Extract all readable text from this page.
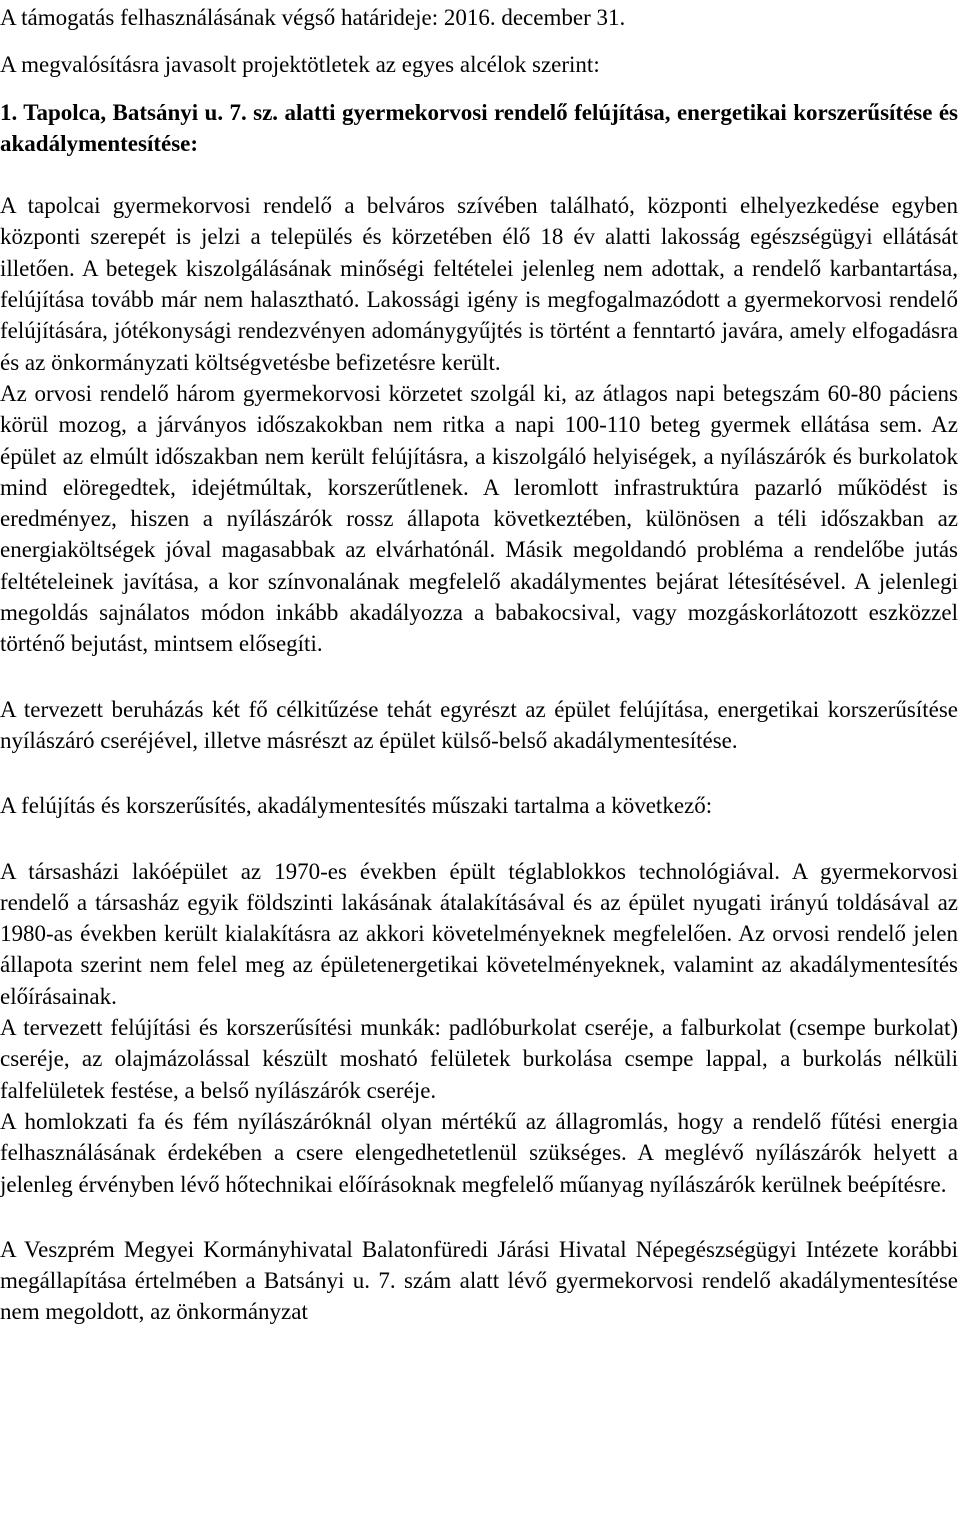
A támogatás felhasználásának végső határideje: 2016. december 31.

A megvalósításra javasolt projektötletek az egyes alcélok szerint:

1. Tapolca, Batsányi u. 7. sz. alatti gyermekorvosi rendelő felújítása, energetikai korszerűsítése és akadálymentesítése:

A tapolcai gyermekorvosi rendelő a belváros szívében található, központi elhelyezkedése egyben központi szerepét is jelzi a település és körzetében élő 18 év alatti lakosság egészségügyi ellátását illetően. A betegek kiszolgálásának minőségi feltételei jelenleg nem adottak, a rendelő karbantartása, felújítása tovább már nem halasztható. Lakossági igény is megfogalmazódott a gyermekorvosi rendelő felújítására, jótékonysági rendezvényen adománygyűjtés is történt a fenntartó javára, amely elfogadásra és az önkormányzati költségvetésbe befizetésre került.

Az orvosi rendelő három gyermekorvosi körzetet szolgál ki, az átlagos napi betegszám 60-80 páciens körül mozog, a járványos időszakokban nem ritka a napi 100-110 beteg gyermek ellátása sem. Az épület az elmúlt időszakban nem került felújításra, a kiszolgáló helyiségek, a nyílászárók és burkolatok mind elöregedtek, idejétmúltak, korszerűtlenek. A leromlott infrastruktúra pazarló működést is eredményez, hiszen a nyílászárók rossz állapota következtében, különösen a téli időszakban az energiaköltségek jóval magasabbak az elvárhatónál. Másik megoldandó probléma a rendelőbe jutás feltételeinek javítása, a kor színvonalának megfelelő akadálymentes bejárat létesítésével. A jelenlegi megoldás sajnálatos módon inkább akadályozza a babakocsival, vagy mozgáskorlátozott eszközzel történő bejutást, mintsem elősegíti.

A tervezett beruházás két fő célkitűzése tehát egyrészt az épület felújítása, energetikai korszerűsítése nyílászáró cseréjével, illetve másrészt az épület külső-belső akadálymentesítése.

A felújítás és korszerűsítés, akadálymentesítés műszaki tartalma a következő:

A társasházi lakóépület az 1970-es években épült téglablokkos technológiával. A gyermekorvosi rendelő a társasház egyik földszinti lakásának átalakításával és az épület nyugati irányú toldásával az 1980-as években került kialakításra az akkori követelményeknek megfelelően. Az orvosi rendelő jelen állapota szerint nem felel meg az épületenergetikai követelményeknek, valamint az akadálymentesítés előírásainak.

A tervezett felújítási és korszerűsítési munkák: padlóburkolat cseréje, a falburkolat (csempe burkolat) cseréje, az olajmázolással készült mosható felületek burkolása csempe lappal, a burkolás nélküli falfelületek festése, a belső nyílászárók cseréje.

A homlokzati fa és fém nyílászáróknál olyan mértékű az állagromlás, hogy a rendelő fűtési energia felhasználásának érdekében a csere elengedhetetlenül szükséges. A meglévő nyílászárók helyett a jelenleg érvényben lévő hőtechnikai előírásoknak megfelelő műanyag nyílászárók kerülnek beépítésre.

A Veszprém Megyei Kormányhivatal Balatonfüredi Járási Hivatal Népegészségügyi Intézete korábbi megállapítása értelmében a Batsányi u. 7. szám alatt lévő gyermekorvosi rendelő akadálymentesítése nem megoldott, az önkormányzat
